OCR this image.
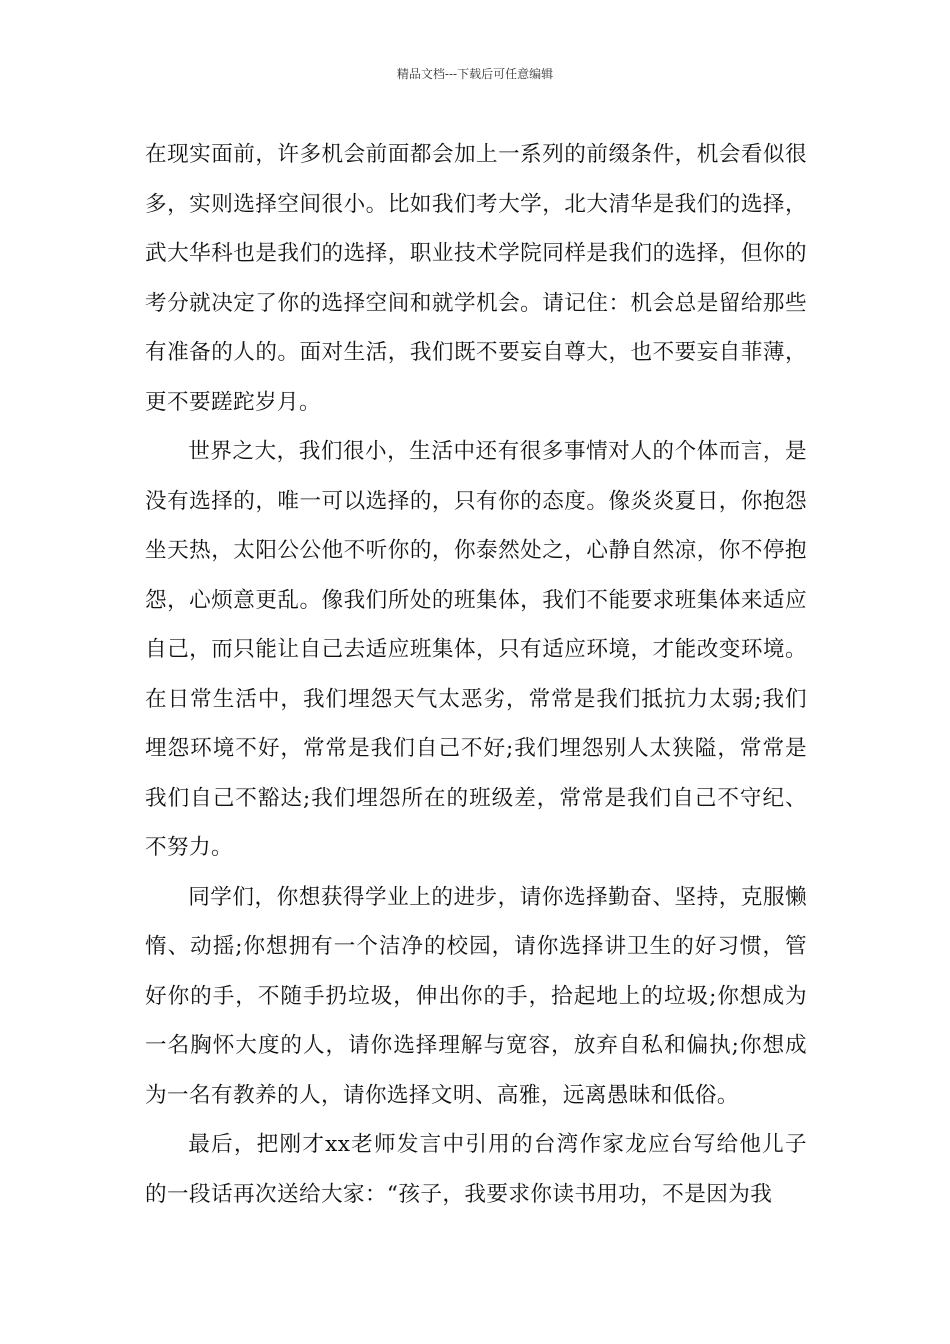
精品文档---下载后可任意编辑

在现实面前，许多机会前面都会加上一系列的前缀条件，机会看似很多，实则选择空间很小。比如我们考大学，北大清华是我们的选择，武大华科也是我们的选择，职业技术学院同样是我们的选择，但你的考分就决定了你的选择空间和就学机会。请记住：机会总是留给那些有准备的人的。面对生活，我们既不要妄自尊大，也不要妄自菲薄，更不要蹉跎岁月。

世界之大，我们很小，生活中还有很多事情对人的个体而言，是没有选择的，唯一可以选择的，只有你的态度。像炎炎夏日，你抱怨坐天热，太阳公公他不听你的，你泰然处之，心静自然凉，你不停抱怨，心烦意更乱。像我们所处的班集体，我们不能要求班集体来适应自己，而只能让自己去适应班集体，只有适应环境，才能改变环境。在日常生活中，我们埋怨天气太恶劣，常常是我们抵抗力太弱;我们埋怨环境不好，常常是我们自己不好;我们埋怨别人太狭隘，常常是我们自己不豁达;我们埋怨所在的班级差，常常是我们自己不守纪、不努力。

同学们，你想获得学业上的进步，请你选择勤奋、坚持，克服懒惰、动摇;你想拥有一个洁净的校园，请你选择讲卫生的好习惯，管好你的手，不随手扔垃圾，伸出你的手，拾起地上的垃圾;你想成为一名胸怀大度的人，请你选择理解与宽容，放弃自私和偏执;你想成为一名有教养的人，请你选择文明、高雅，远离愚昧和低俗。

最后，把刚才xx老师发言中引用的台湾作家龙应台写给他儿子的一段话再次送给大家：“孩子，我要求你读书用功，不是因为我
